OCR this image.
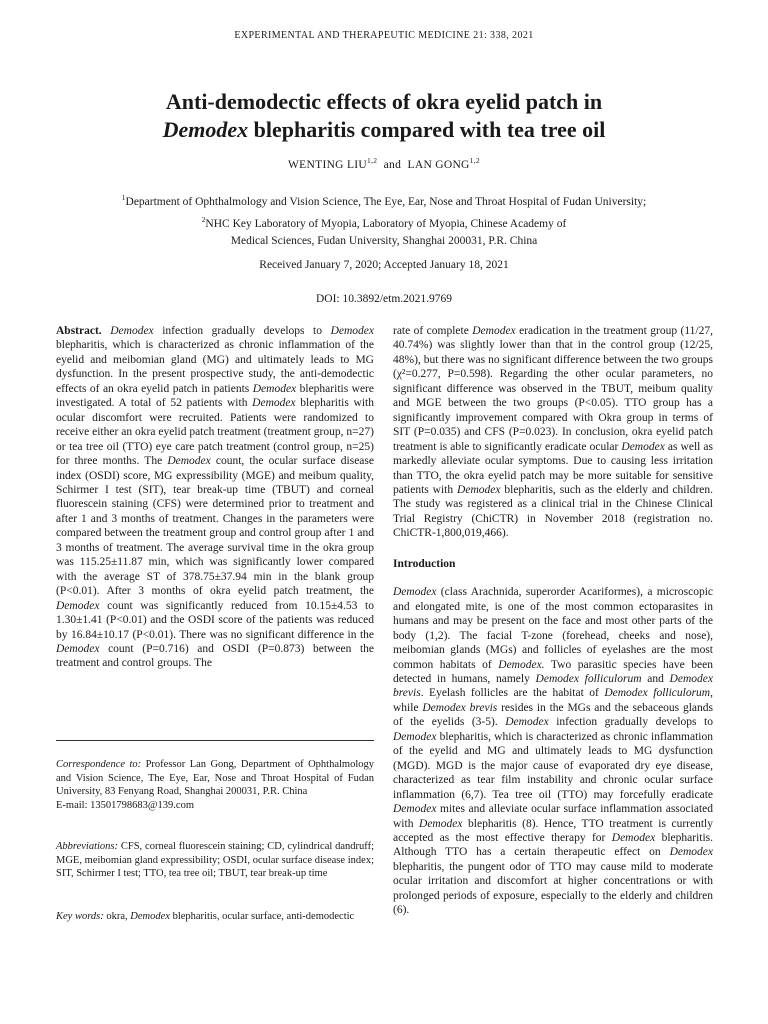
EXPERIMENTAL AND THERAPEUTIC MEDICINE 21: 338, 2021
Anti-demodectic effects of okra eyelid patch in
Demodex blepharitis compared with tea tree oil
WENTING LIU$^{1,2}$ and LAN GONG$^{1,2}$
$^1$Department of Ophthalmology and Vision Science, The Eye, Ear, Nose and Throat Hospital of Fudan University;
$^2$NHC Key Laboratory of Myopia, Laboratory of Myopia, Chinese Academy of
Medical Sciences, Fudan University, Shanghai 200031, P.R. China
Received January 7, 2020; Accepted January 18, 2021
DOI: 10.3892/etm.2021.9769

Abstract. Demodex infection gradually develops to Demodex blepharitis, which is characterized as chronic inflammation of the eyelid and meibomian gland (MG) and ultimately leads to MG dysfunction. In the present prospective study, the anti-demodectic effects of an okra eyelid patch in patients Demodex blepharitis were investigated. A total of 52 patients with Demodex blepharitis with ocular discomfort were recruited. Patients were randomized to receive either an okra eyelid patch treatment (treatment group, n=27) or tea tree oil (TTO) eye care patch treatment (control group, n=25) for three months. The Demodex count, the ocular surface disease index (OSDI) score, MG expressibility (MGE) and meibum quality, Schirmer I test (SIT), tear break-up time (TBUT) and corneal fluorescein staining (CFS) were determined prior to treatment and after 1 and 3 months of treatment. Changes in the parameters were compared between the treatment group and control group after 1 and 3 months of treatment. The average survival time in the okra group was 115.25±11.87 min, which was significantly lower compared with the average ST of 378.75±37.94 min in the blank group (P<0.01). After 3 months of okra eyelid patch treatment, the Demodex count was significantly reduced from 10.15±4.53 to 1.30±1.41 (P<0.01) and the OSDI score of the patients was reduced by 16.84±10.17 (P<0.01). There was no significant difference in the Demodex count (P=0.716) and OSDI (P=0.873) between the treatment and control groups. The

Correspondence to: Professor Lan Gong, Department of Ophthalmology and Vision Science, The Eye, Ear, Nose and Throat Hospital of Fudan University, 83 Fenyang Road, Shanghai 200031, P.R. China
E-mail: 13501798683@139.com
Abbreviations: CFS, corneal fluorescein staining; CD, cylindrical dandruff; MGE, meibomian gland expressibility; OSDI, ocular surface disease index; SIT, Schirmer I test; TTO, tea tree oil; TBUT, tear break-up time
Key words: okra, Demodex blepharitis, ocular surface, anti-demodectic

rate of complete Demodex eradication in the treatment group (11/27, 40.74%) was slightly lower than that in the control group (12/25, 48%), but there was no significant difference between the two groups (χ²=0.277, P=0.598). Regarding the other ocular parameters, no significant difference was observed in the TBUT, meibum quality and MGE between the two groups (P<0.05). TTO group has a significantly improvement compared with Okra group in terms of SIT (P=0.035) and CFS (P=0.023). In conclusion, okra eyelid patch treatment is able to significantly eradicate ocular Demodex as well as markedly alleviate ocular symptoms. Due to causing less irritation than TTO, the okra eyelid patch may be more suitable for sensitive patients with Demodex blepharitis, such as the elderly and children. The study was registered as a clinical trial in the Chinese Clinical Trial Registry (ChiCTR) in November 2018 (registration no. ChiCTR-1,800,019,466).

Introduction

Demodex (class Arachnida, superorder Acariformes), a microscopic and elongated mite, is one of the most common ectoparasites in humans and may be present on the face and most other parts of the body (1,2). The facial T-zone (forehead, cheeks and nose), meibomian glands (MGs) and follicles of eyelashes are the most common habitats of Demodex. Two parasitic species have been detected in humans, namely Demodex folliculorum and Demodex brevis. Eyelash follicles are the habitat of Demodex folliculorum, while Demodex brevis resides in the MGs and the sebaceous glands of the eyelids (3-5). Demodex infection gradually develops to Demodex blepharitis, which is characterized as chronic inflammation of the eyelid and MG and ultimately leads to MG dysfunction (MGD). MGD is the major cause of evaporated dry eye disease, characterized as tear film instability and chronic ocular surface inflammation (6,7). Tea tree oil (TTO) may forcefully eradicate Demodex mites and alleviate ocular surface inflammation associated with Demodex blepharitis (8). Hence, TTO treatment is currently accepted as the most effective therapy for Demodex blepharitis. Although TTO has a certain therapeutic effect on Demodex blepharitis, the pungent odor of TTO may cause mild to moderate ocular irritation and discomfort at higher concentrations or with prolonged periods of exposure, especially to the elderly and children (6).
